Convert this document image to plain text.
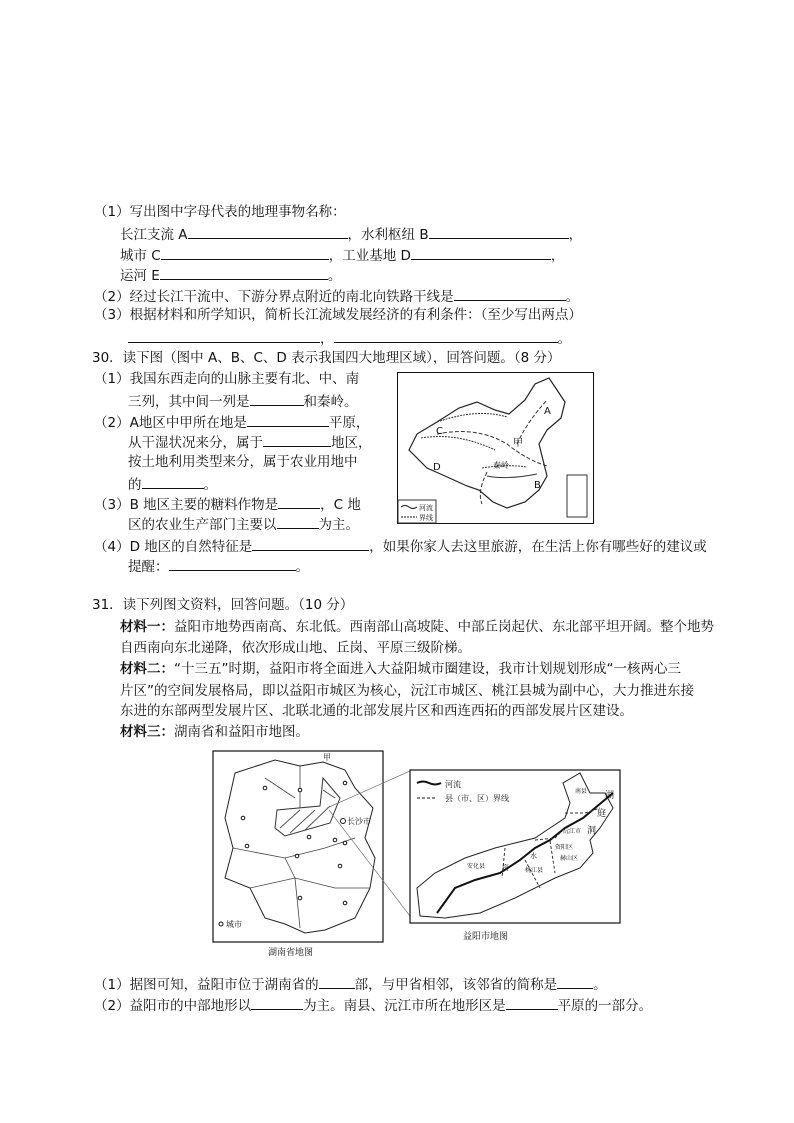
（1）写出图中字母代表的地理事物名称：
长江支流 A	，水利枢纽 B	，
城市 C	，工业基地 D	，
运河 E	。
（2）经过长江干流中、下游分界点附近的南北向铁路干线是	。
（3）根据材料和所学知识，简析长江流域发展经济的有利条件：（至少写出两点）
，	。
30．读下图（图中 A、B、C、D 表示我国四大地理区域），回答问题。（8 分）
（1）我国东西走向的山脉主要有北、中、南
三列，其中间一列是	和秦岭。
（2）A地区中甲所在地是	平原，
从干湿状况来分，属于	地区，
按土地利用类型来分，属于农业用地中
的	。
（3）B 地区主要的糖料作物是	，C 地
区的农业生产部门主要以	为主。
（4）D 地区的自然特征是	，如果你家人去这里旅游，在生活上你有哪些好的建议或
提醒：	。
河流
界线
A
B
C
D
甲
秦岭
31．读下列图文资料，回答问题。（10 分）
材料一：益阳市地势西南高、东北低。西南部山高坡陡、中部丘岗起伏、东北部平坦开阔。整个地势
自西南向东北递降，依次形成山地、丘岗、平原三级阶梯。
材料二：“十三五”时期，益阳市将全面进入大益阳城市圈建设，我市计划规划形成“一核两心三
片区”的空间发展格局，即以益阳市城区为核心，沅江市城区、桃江县城为副中心，大力推进东接
东进的东部两型发展片区、北联北通的北部发展片区和西连西拓的西部发展片区建设。
材料三：湖南省和益阳市地图。
甲
长沙市
城市
湖南省地图
河流
县（市、区）界线
南县
沅江市
资阳区
赫山区
桃江县
安化县 资
水
湖
庭
洞
益阳市地图
（1）据图可知，益阳市位于湖南省的	部，与甲省相邻，该邻省的简称是	。
（2）益阳市的中部地形以	为主。南县、沅江市所在地形区是	平原的一部分。
